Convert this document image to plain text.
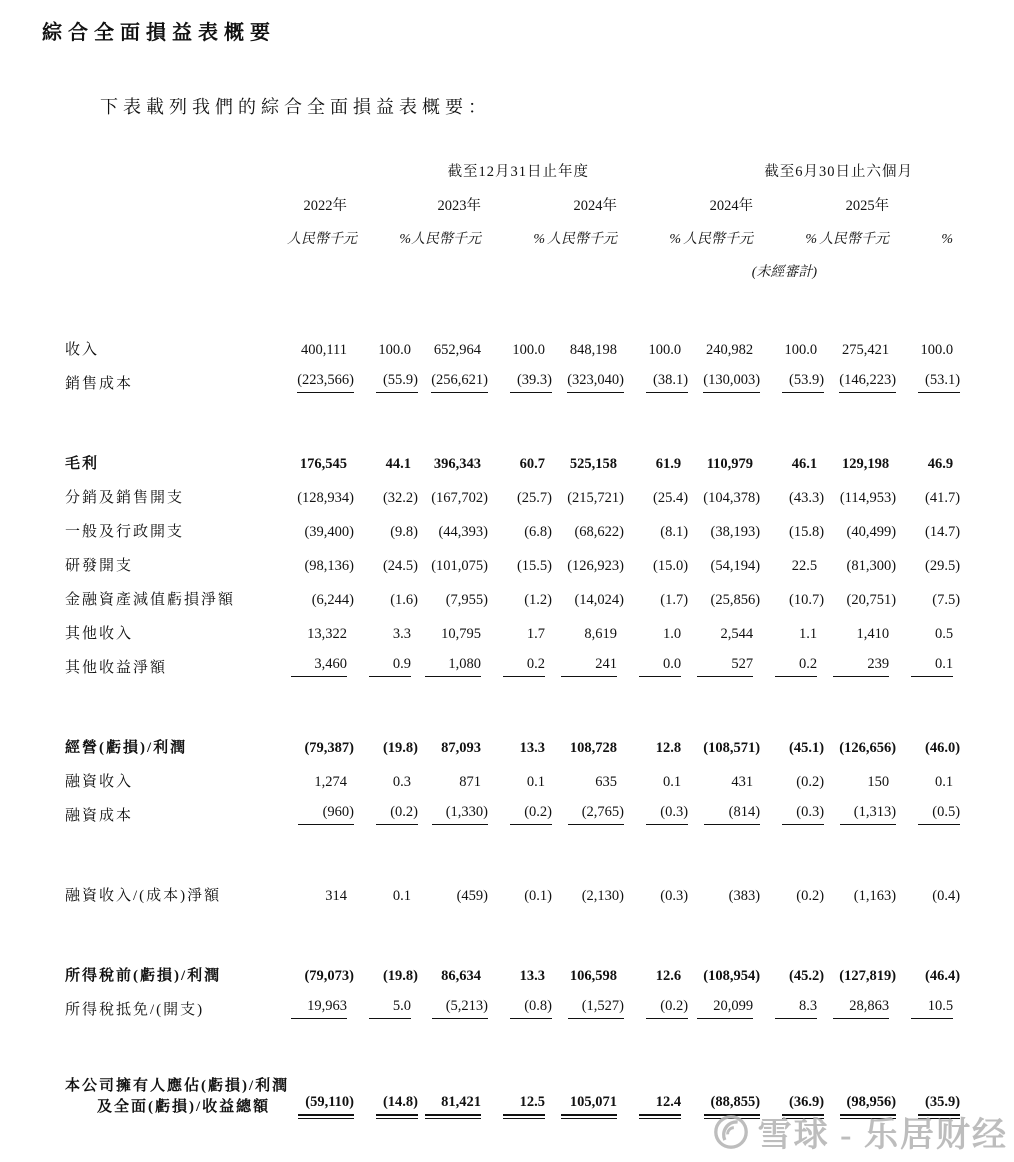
綜合全面損益表概要
下表載列我們的綜合全面損益表概要：
	截至12月31日止年度						截至6月30日止六個月			
	2022年		2023年		2024年		2024年		2025年	
	人民幣千元	%	人民幣千元	%	人民幣千元	%	人民幣千元	%	人民幣千元	%
							(未經審計)			

收入	400,111	100.0	652,964	100.0	848,198	100.0	240,982	100.0	275,421	100.0
銷售成本	(223,566)	(55.9)	(256,621)	(39.3)	(323,040)	(38.1)	(130,003)	(53.9)	(146,223)	(53.1)

毛利	176,545	44.1	396,343	60.7	525,158	61.9	110,979	46.1	129,198	46.9
分銷及銷售開支	(128,934)	(32.2)	(167,702)	(25.7)	(215,721)	(25.4)	(104,378)	(43.3)	(114,953)	(41.7)
一般及行政開支	(39,400)	(9.8)	(44,393)	(6.8)	(68,622)	(8.1)	(38,193)	(15.8)	(40,499)	(14.7)
研發開支	(98,136)	(24.5)	(101,075)	(15.5)	(126,923)	(15.0)	(54,194)	22.5	(81,300)	(29.5)
金融資產減值虧損淨額	(6,244)	(1.6)	(7,955)	(1.2)	(14,024)	(1.7)	(25,856)	(10.7)	(20,751)	(7.5)
其他收入	13,322	3.3	10,795	1.7	8,619	1.0	2,544	1.1	1,410	0.5
其他收益淨額	3,460	0.9	1,080	0.2	241	0.0	527	0.2	239	0.1

經營(虧損)/利潤	(79,387)	(19.8)	87,093	13.3	108,728	12.8	(108,571)	(45.1)	(126,656)	(46.0)
融資收入	1,274	0.3	871	0.1	635	0.1	431	(0.2)	150	0.1
融資成本	(960)	(0.2)	(1,330)	(0.2)	(2,765)	(0.3)	(814)	(0.3)	(1,313)	(0.5)

融資收入/(成本)淨額	314	0.1	(459)	(0.1)	(2,130)	(0.3)	(383)	(0.2)	(1,163)	(0.4)

所得稅前(虧損)/利潤	(79,073)	(19.8)	86,634	13.3	106,598	12.6	(108,954)	(45.2)	(127,819)	(46.4)
所得稅抵免/(開支)	19,963	5.0	(5,213)	(0.8)	(1,527)	(0.2)	20,099	8.3	28,863	10.5

本公司擁有人應佔(虧損)/利潤
及全面(虧損)/收益總額	(59,110)	(14.8)	81,421	12.5	105,071	12.4	(88,855)	(36.9)	(98,956)	(35.9)
雪球 - 乐居财经
